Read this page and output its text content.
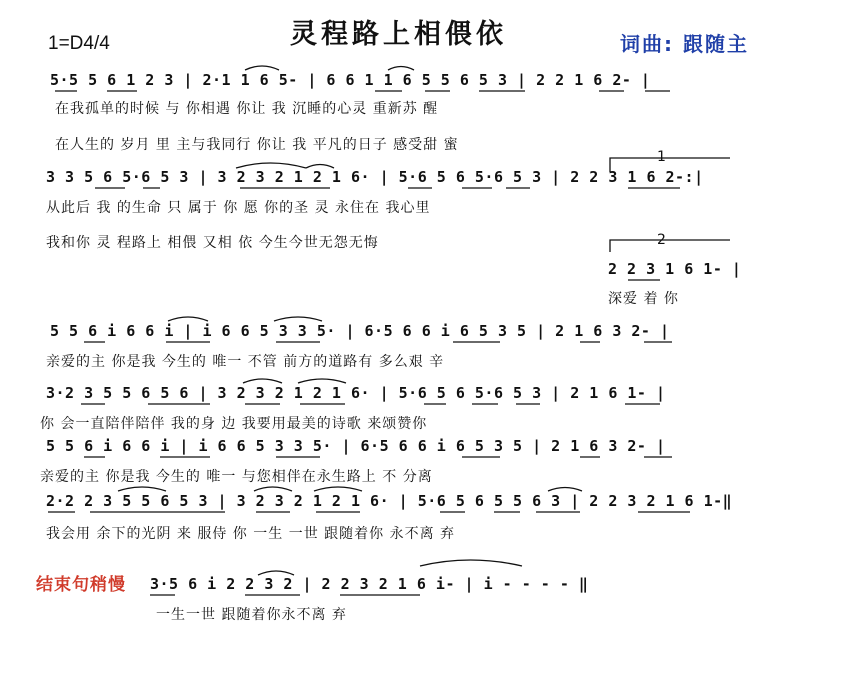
1=D4/4	灵程路上相偎依	词曲: 跟随主
5·5 5 6 1 2 3 | 2·1 1 6 5- | 6 6 1 1 6 5 5 6 5 3 | 2 2 1 6 2- |
在我孤单的时候 与 你相遇 你让 我 沉睡的心灵 重新苏 醒
在人生的 岁月 里 主与我同行 你让 我 平凡的日子 感受甜 蜜
3 3 5 6 5·6 5 3 | 3 2 3 2 1 2 1 6· | 5·6 5 6 5·6 5 3 | 2 2 3 1 6 2-:|
从此后 我 的生命 只 属于 你 愿 你的圣 灵 永住在 我心里
我和你 灵 程路上 相偎 又相 依 今生今世无怨无悔
1
2
2 2 3 1 6 1- |
深爱 着 你
5 5 6 i 6 6 i | i 6 6 5 3 3 5· | 6·5 6 6 i 6 5 3 5 | 2 1 6 3 2- |
亲爱的主 你是我 今生的 唯一 不管 前方的道路有 多么艰 辛
3·2 3 5 5 6 5 6 | 3 2 3 2 1 2 1 6· | 5·6 5 6 5·6 5 3 | 2 1 6 1- |
你 会一直陪伴陪伴 我的身 边 我要用最美的诗歌 来颂赞你
5 5 6 i 6 6 i | i 6 6 5 3 3 5· | 6·5 6 6 i 6 5 3 5 | 2 1 6 3 2- |
亲爱的主 你是我 今生的 唯一 与您相伴在永生路上 不 分离
2·2 2 3 5 5 6 5 3 | 3 2 3 2 1 2 1 6· | 5·6 5 6 5 5 6 3 | 2 2 3 2 1 6 1-‖
我会用 余下的光阴 来 服侍 你 一生 一世 跟随着你 永不离 弃
结束句稍慢 3·5 6 i 2 2 3 2 | 2 2 3 2 1 6 i- | i - - - - ‖
一生一世 跟随着你永不离 弃
